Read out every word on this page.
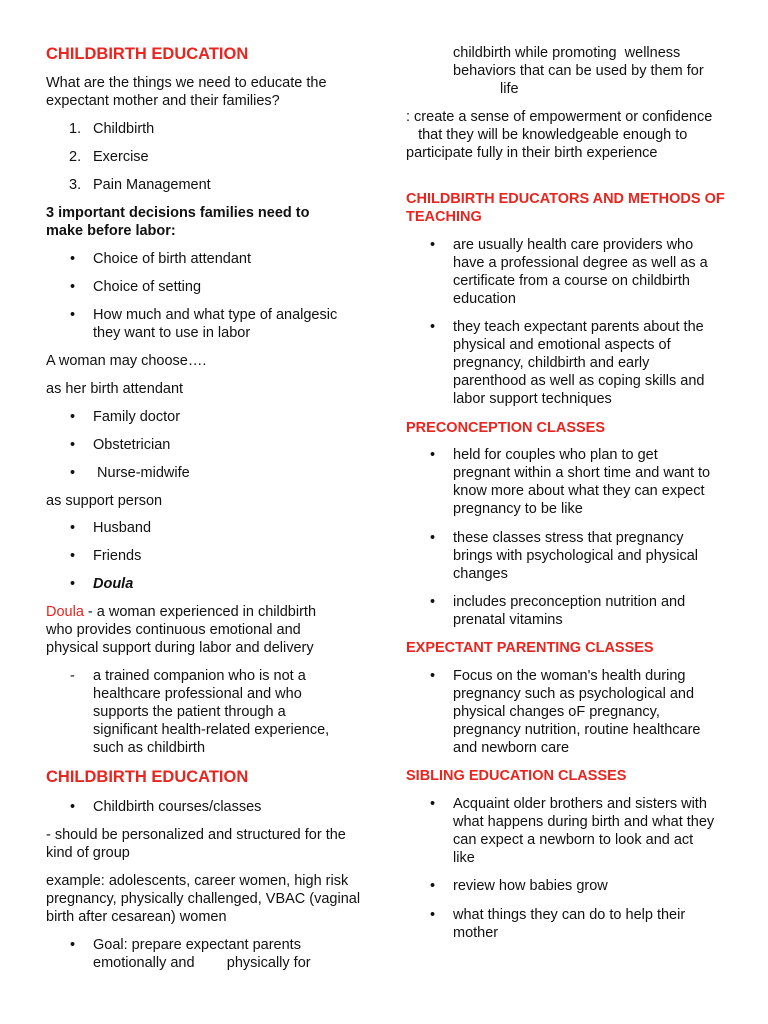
CHILDBIRTH EDUCATION

What are the things we need to educate the expectant mother and their families?

1. Childbirth

2. Exercise

3. Pain Management

3 important decisions families need to make before labor:

• Choice of birth attendant

• Choice of setting

• How much and what type of analgesic they want to use in labor

A woman may choose….

as her birth attendant

• Family doctor

• Obstetrician

• Nurse-midwife

as support person

• Husband

• Friends

• Doula

Doula - a woman experienced in childbirth who provides continuous emotional and physical support during labor and delivery

- a trained companion who is not a healthcare professional and who supports the patient through a significant health-related experience, such as childbirth

CHILDBIRTH EDUCATION

• Childbirth courses/classes

- should be personalized and structured for the kind of group

example: adolescents, career women, high risk pregnancy, physically challenged, VBAC (vaginal birth after cesarean) women

• Goal: prepare expectant parents emotionally and        physically for

childbirth while promoting  wellness behaviors that can be used by them for

life

: create a sense of empowerment or confidence    that they will be knowledgeable enough to participate fully in their birth experience

CHILDBIRTH EDUCATORS AND METHODS OF TEACHING

• are usually health care providers who have a professional degree as well as a certificate from a course on childbirth education

• they teach expectant parents about the physical and emotional aspects of pregnancy, childbirth and early parenthood as well as coping skills and labor support techniques

PRECONCEPTION CLASSES

• held for couples who plan to get pregnant within a short time and want to know more about what they can expect pregnancy to be like

• these classes stress that pregnancy brings with psychological and physical changes

• includes preconception nutrition and prenatal vitamins

EXPECTANT PARENTING CLASSES

• Focus on the woman's health during pregnancy such as psychological and physical changes oF pregnancy, pregnancy nutrition, routine healthcare and newborn care

SIBLING EDUCATION CLASSES

• Acquaint older brothers and sisters with what happens during birth and what they can expect a newborn to look and act like

• review how babies grow

• what things they can do to help their mother
